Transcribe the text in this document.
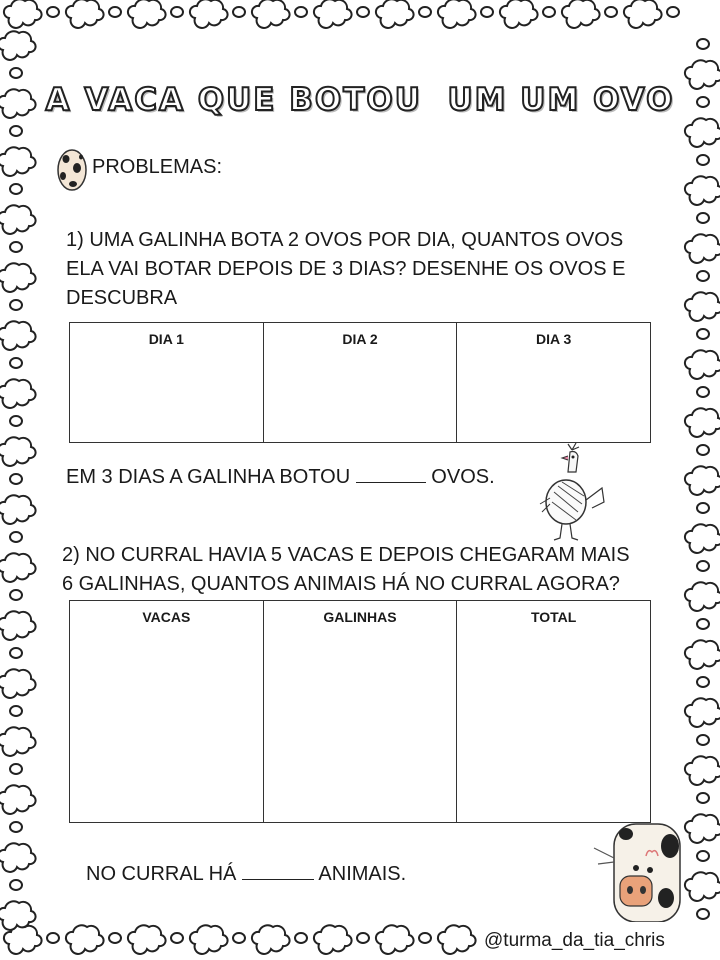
A VACA QUE BOTOU  UM UM OVO
PROBLEMAS:
1) UMA GALINHA BOTA 2 OVOS POR DIA, QUANTOS OVOS ELA VAI BOTAR DEPOIS DE 3 DIAS? DESENHE OS OVOS E DESCUBRA
DIA 1	DIA 2	DIA 3
EM 3 DIAS A GALINHA BOTOU	OVOS.
2) NO CURRAL HAVIA 5 VACAS E DEPOIS CHEGARAM MAIS 6 GALINHAS, QUANTOS ANIMAIS HÁ NO CURRAL AGORA?
VACAS	GALINHAS	TOTAL
NO CURRAL HÁ	ANIMAIS.
@turma_da_tia_chris
